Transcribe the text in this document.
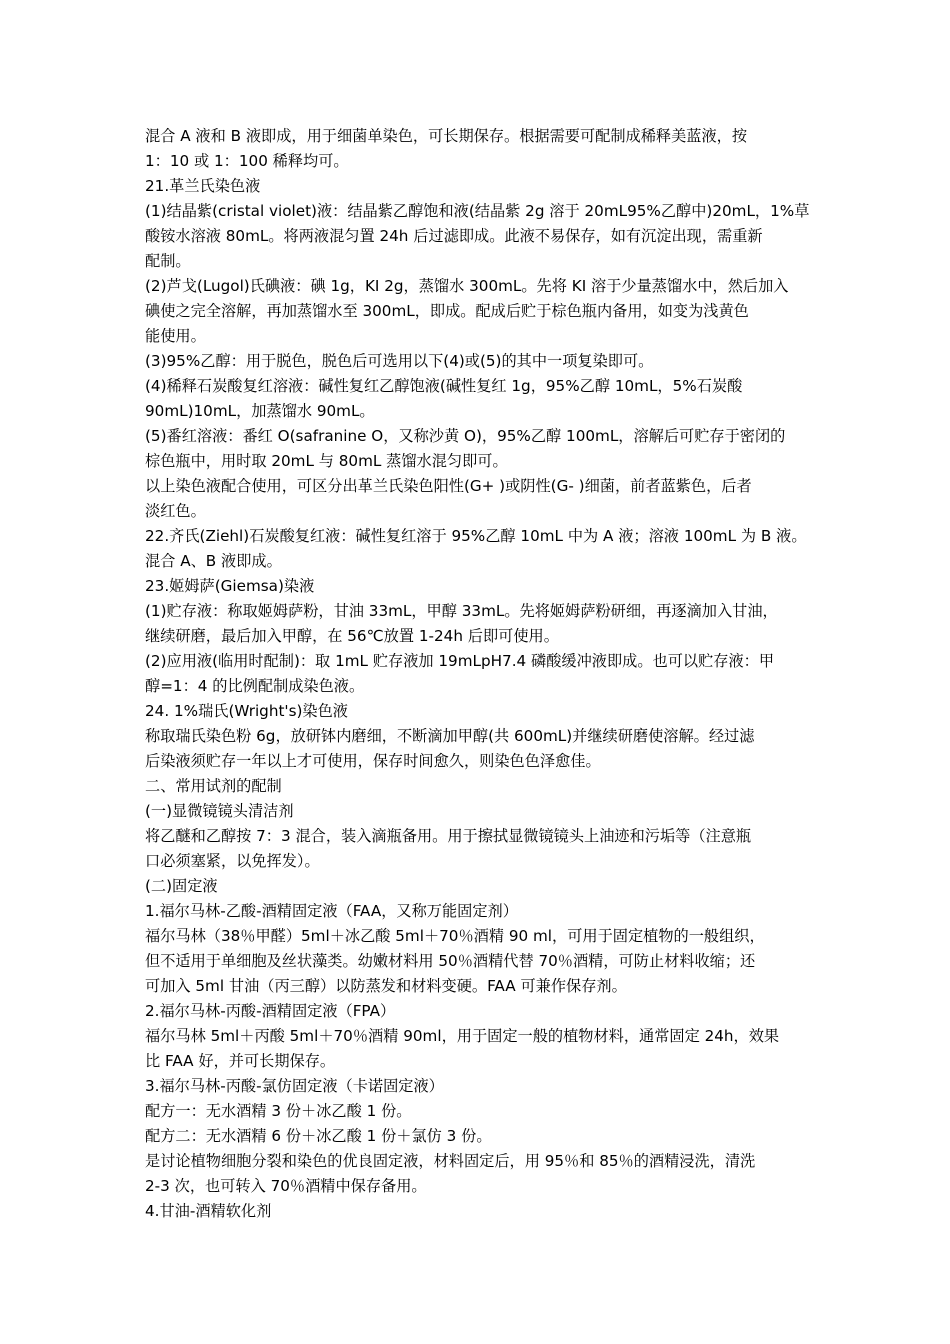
混合 A 液和 B 液即成，用于细菌单染色，可长期保存。根据需要可配制成稀释美蓝液，按
1：10 或 1：100 稀释均可。
21.革兰氏染色液
(1)结晶紫(cristal violet)液：结晶紫乙醇饱和液(结晶紫 2g 溶于 20mL95%乙醇中)20mL，1%草
酸铵水溶液 80mL。将两液混匀置 24h 后过滤即成。此液不易保存，如有沉淀出现，需重新
配制。
(2)芦戈(Lugol)氏碘液：碘 1g，KI 2g，蒸馏水 300mL。先将 KI 溶于少量蒸馏水中，然后加入
碘使之完全溶解，再加蒸馏水至 300mL，即成。配成后贮于棕色瓶内备用，如变为浅黄色
能使用。
(3)95%乙醇：用于脱色，脱色后可选用以下(4)或(5)的其中一项复染即可。
(4)稀释石炭酸复红溶液：碱性复红乙醇饱液(碱性复红 1g，95%乙醇 10mL，5%石炭酸
90mL)10mL，加蒸馏水 90mL。
(5)番红溶液：番红 O(safranine O，又称沙黄 O)，95%乙醇 100mL，溶解后可贮存于密闭的
棕色瓶中，用时取 20mL 与 80mL 蒸馏水混匀即可。
以上染色液配合使用，可区分出革兰氏染色阳性(G+ )或阴性(G- )细菌，前者蓝紫色，后者
淡红色。
22.齐氏(Ziehl)石炭酸复红液：碱性复红溶于 95%乙醇 10mL 中为 A 液；溶液 100mL 为 B 液。
混合 A、B 液即成。
23.姬姆萨(Giemsa)染液
(1)贮存液：称取姬姆萨粉，甘油 33mL，甲醇 33mL。先将姬姆萨粉研细，再逐滴加入甘油，
继续研磨，最后加入甲醇，在 56℃放置 1-24h 后即可使用。
(2)应用液(临用时配制)：取 1mL 贮存液加 19mLpH7.4 磷酸缓冲液即成。也可以贮存液：甲
醇=1：4 的比例配制成染色液。
24. 1%瑞氏(Wright's)染色液
称取瑞氏染色粉 6g，放研钵内磨细，不断滴加甲醇(共 600mL)并继续研磨使溶解。经过滤
后染液须贮存一年以上才可使用，保存时间愈久，则染色色泽愈佳。
二、常用试剂的配制
(一)显微镜镜头清洁剂
将乙醚和乙醇按 7：3 混合，装入滴瓶备用。用于擦拭显微镜镜头上油迹和污垢等（注意瓶
口必须塞紧，以免挥发）。
(二)固定液
1.福尔马林-乙酸-酒精固定液（FAA，又称万能固定剂）
福尔马林（38％甲醛）5ml＋冰乙酸 5ml＋70％酒精 90 ml，可用于固定植物的一般组织，
但不适用于单细胞及丝状藻类。幼嫩材料用 50％酒精代替 70％酒精，可防止材料收缩；还
可加入 5ml 甘油（丙三醇）以防蒸发和材料变硬。FAA 可兼作保存剂。
2.福尔马林-丙酸-酒精固定液（FPA）
福尔马林 5ml＋丙酸 5ml＋70％酒精 90ml，用于固定一般的植物材料，通常固定 24h，效果
比 FAA 好，并可长期保存。
3.福尔马林-丙酸-氯仿固定液（卡诺固定液）
配方一：无水酒精 3 份＋冰乙酸 1 份。
配方二：无水酒精 6 份＋冰乙酸 1 份＋氯仿 3 份。
是讨论植物细胞分裂和染色的优良固定液，材料固定后，用 95％和 85％的酒精浸洗，清洗
2-3 次，也可转入 70％酒精中保存备用。
4.甘油-酒精软化剂
